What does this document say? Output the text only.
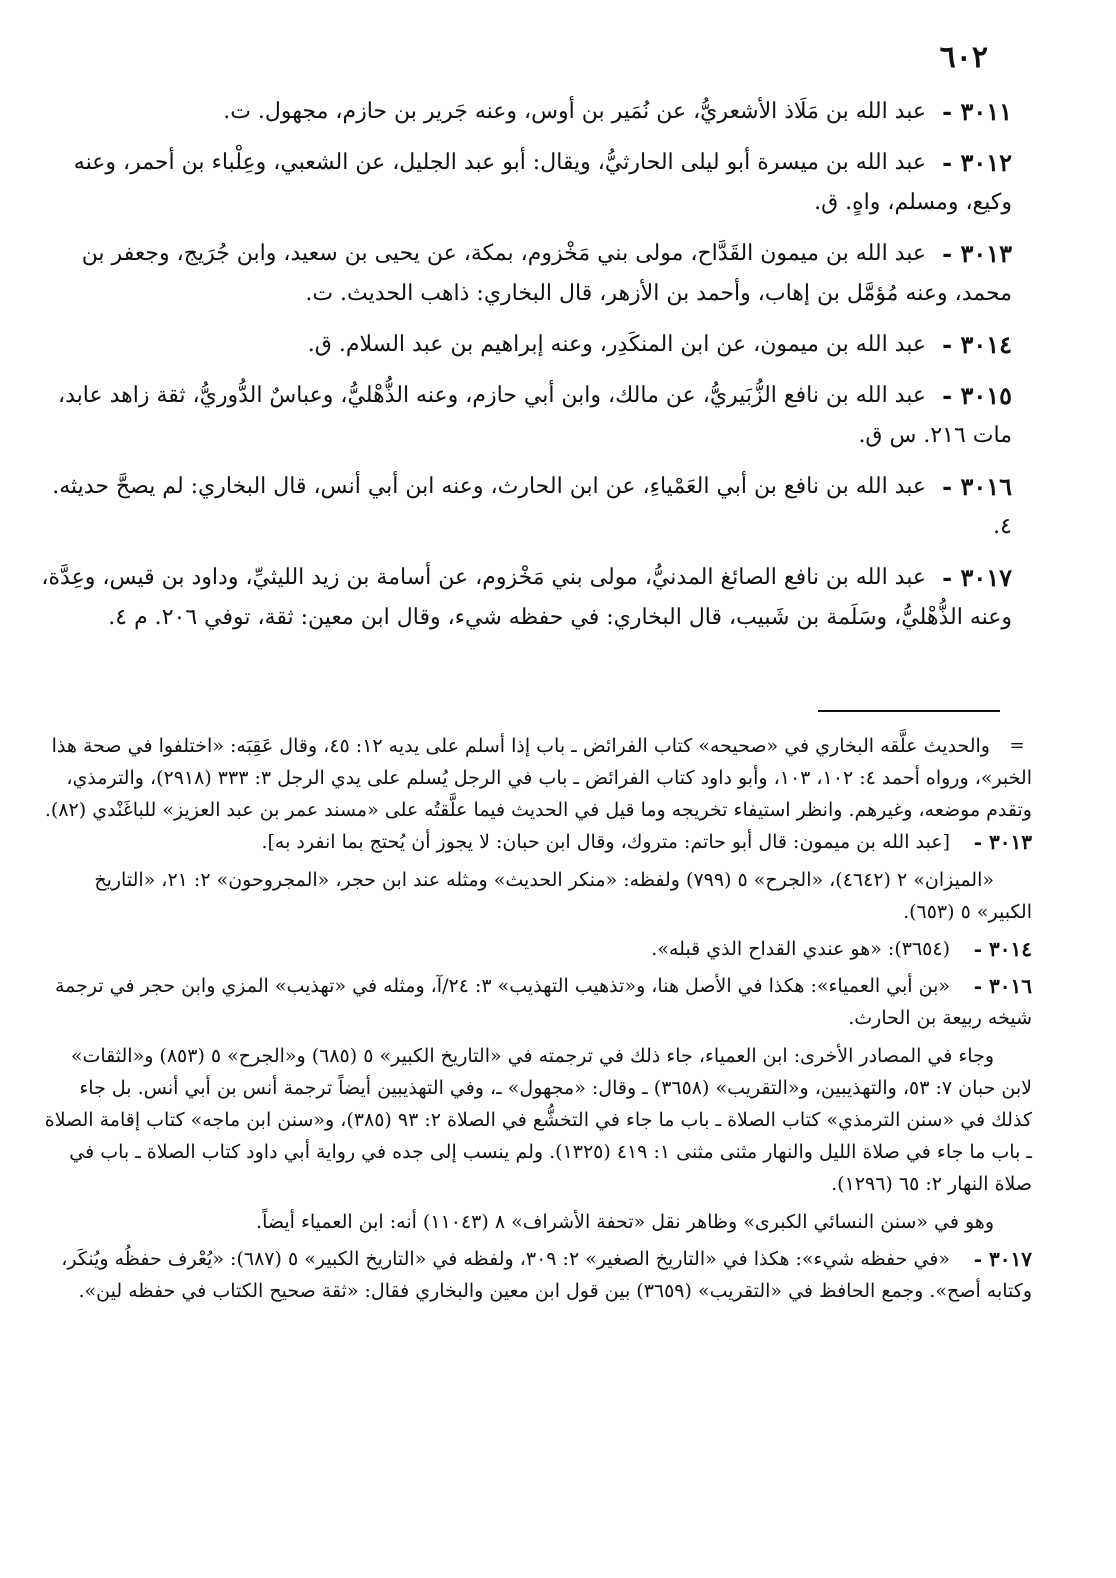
٦٠٢
٣٠١١ -
عبد الله بن مَلَاذ الأشعريُّ، عن نُمَير بن أوس، وعنه جَرير بن حازم، مجهول. ت.
٣٠١٢ -
عبد الله بن ميسرة أبو ليلى الحارثيُّ، ويقال: أبو عبد الجليل، عن الشعبي، وعِلْباء بن أحمر، وعنه وكيع، ومسلم، واهٍ. ق.
٣٠١٣ -
عبد الله بن ميمون القَدَّاح، مولى بني مَخْزوم، بمكة، عن يحيى بن سعيد، وابن جُرَيج، وجعفر بن محمد، وعنه مُؤمَّل بن إهاب، وأحمد بن الأزهر، قال البخاري: ذاهب الحديث. ت.
٣٠١٤ -
عبد الله بن ميمون، عن ابن المنكَدِر، وعنه إبراهيم بن عبد السلام. ق.
٣٠١٥ -
عبد الله بن نافع الزُّبَيريُّ، عن مالك، وابن أبي حازم، وعنه الذُّهْليُّ، وعباسٌ الدُّوريُّ، ثقة زاهد عابد، مات ٢١٦. س ق.
٣٠١٦ -
عبد الله بن نافع بن أبي العَمْياءِ، عن ابن الحارث، وعنه ابن أبي أنس، قال البخاري: لم يصحَّ حديثه. ٤.
٣٠١٧ -
عبد الله بن نافع الصائغ المدنيُّ، مولى بني مَخْزوم، عن أسامة بن زيد الليثيِّ، وداود بن قيس، وعِدَّة، وعنه الذُّهْليُّ، وسَلَمة بن شَبيب، قال البخاري: في حفظه شيء، وقال ابن معين: ثقة، توفي ٢٠٦. م ٤.
=
والحديث علَّقه البخاري في «صحيحه» كتاب الفرائض ـ باب إذا أسلم على يديه ١٢: ٤٥، وقال عَقِبَه: «اختلفوا في صحة هذا الخبر»، ورواه أحمد ٤: ١٠٢، ١٠٣، وأبو داود كتاب الفرائض ـ باب في الرجل يُسلم على يدي الرجل ٣: ٣٣٣ (٢٩١٨)، والترمذي، وتقدم موضعه، وغيرهم. وانظر استيفاء تخريجه وما قيل في الحديث فيما علَّقتُه على «مسند عمر بن عبد العزيز» للباغَنْدي (٨٢).
٣٠١٣ -
[عبد الله بن ميمون: قال أبو حاتم: متروك، وقال ابن حبان: لا يجوز أن يُحتج بما انفرد به].
«الميزان» ٢ (٤٦٤٢)، «الجرح» ٥ (٧٩٩) ولفظه: «منكر الحديث» ومثله عند ابن حجر، «المجروحون» ٢: ٢١، «التاريخ الكبير» ٥ (٦٥٣).
٣٠١٤ -
(٣٦٥٤): «هو عندي القداح الذي قبله».
٣٠١٦ -
«بن أبي العمياء»: هكذا في الأصل هنا، و«تذهيب التهذيب» ٣: ٢٤/آ، ومثله في «تهذيب» المزي وابن حجر في ترجمة شيخه ربيعة بن الحارث.
وجاء في المصادر الأخرى: ابن العمياء، جاء ذلك في ترجمته في «التاريخ الكبير» ٥ (٦٨٥) و«الجرح» ٥ (٨٥٣) و«الثقات» لابن حبان ٧: ٥٣، والتهذيبين، و«التقريب» (٣٦٥٨) ـ وقال: «مجهول» ـ، وفي التهذيبين أيضاً ترجمة أنس بن أبي أنس. بل جاء كذلك في «سنن الترمذي» كتاب الصلاة ـ باب ما جاء في التخشُّع في الصلاة ٢: ٩٣ (٣٨٥)، و«سنن ابن ماجه» كتاب إقامة الصلاة ـ باب ما جاء في صلاة الليل والنهار مثنى مثنى ١: ٤١٩ (١٣٢٥). ولم ينسب إلى جده في رواية أبي داود كتاب الصلاة ـ باب في صلاة النهار ٢: ٦٥ (١٢٩٦).
وهو في «سنن النسائي الكبرى» وظاهر نقل «تحفة الأشراف» ٨ (١١٠٤٣) أنه: ابن العمياء أيضاً.
٣٠١٧ -
«في حفظه شيء»: هكذا في «التاريخ الصغير» ٢: ٣٠٩، ولفظه في «التاريخ الكبير» ٥ (٦٨٧): «يُعْرف حفظُه ويُنكَر، وكتابه أصح». وجمع الحافظ في «التقريب» (٣٦٥٩) بين قول ابن معين والبخاري فقال: «ثقة صحيح الكتاب في حفظه لين».
